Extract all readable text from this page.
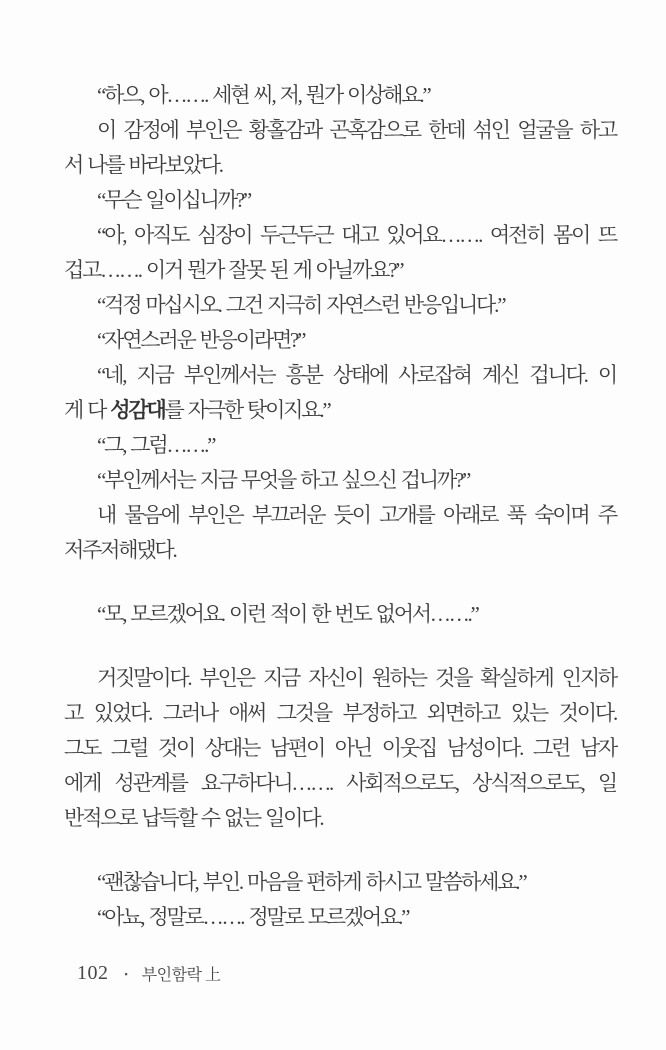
“하으, 아……. 세현 씨, 저, 뭔가 이상해요.”
이 감정에 부인은 황홀감과 곤혹감으로 한데 섞인 얼굴을 하고
서 나를 바라보았다.
“무슨 일이십니까?”
“아, 아직도 심장이 두근두근 대고 있어요……. 여전히 몸이 뜨
겁고……. 이거 뭔가 잘못 된 게 아닐까요?”
“걱정 마십시오. 그건 지극히 자연스런 반응입니다.”
“자연스러운 반응이라면?”
“네, 지금 부인께서는 흥분 상태에 사로잡혀 계신 겁니다. 이
게 다 성감대를 자극한 탓이지요.”
“그, 그럼…….”
“부인께서는 지금 무엇을 하고 싶으신 겁니까?”
내 물음에 부인은 부끄러운 듯이 고개를 아래로 푹 숙이며 주
저주저해댔다.
“모, 모르겠어요. 이런 적이 한 번도 없어서…….”
거짓말이다. 부인은 지금 자신이 원하는 것을 확실하게 인지하
고 있었다. 그러나 애써 그것을 부정하고 외면하고 있는 것이다.
그도 그럴 것이 상대는 남편이 아닌 이웃집 남성이다. 그런 남자
에게 성관계를 요구하다니……. 사회적으로도, 상식적으로도, 일
반적으로 납득할 수 없는 일이다.
“괜찮습니다, 부인. 마음을 편하게 하시고 말씀하세요.”
“아뇨, 정말로……. 정말로 모르겠어요.”
102 ▪ 부인함락 上
